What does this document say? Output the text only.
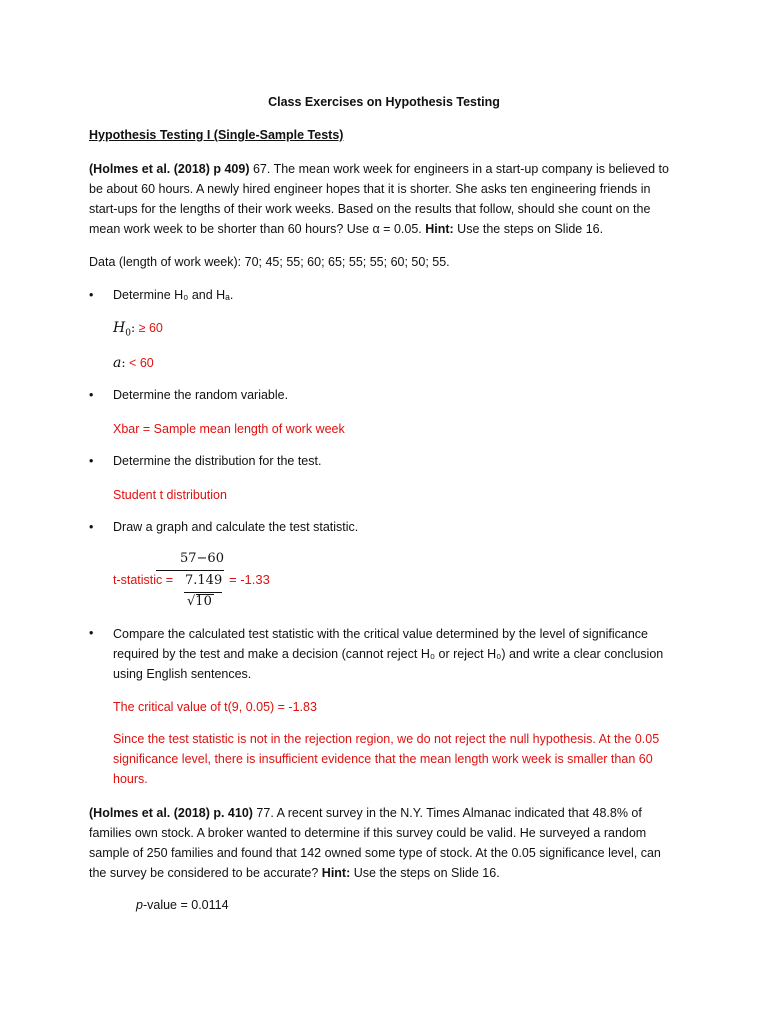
Class Exercises on Hypothesis Testing
Hypothesis Testing I (Single-Sample Tests)
(Holmes et al. (2018) p 409) 67. The mean work week for engineers in a start-up company is believed to be about 60 hours. A newly hired engineer hopes that it is shorter. She asks ten engineering friends in start-ups for the lengths of their work weeks. Based on the results that follow, should she count on the mean work week to be shorter than 60 hours? Use α = 0.05. Hint: Use the steps on Slide 16.
Data (length of work week): 70; 45; 55; 60; 65; 55; 55; 60; 50; 55.
• Determine H₀ and Hₐ.
$H_0$: ≥ 60
a: < 60
• Determine the random variable.
Xbar = Sample mean length of work week
• Determine the distribution for the test.
Student t distribution
• Draw a graph and calculate the test statistic.
t-statistic =
57−60
7.149
√10
= -1.33
• Compare the calculated test statistic with the critical value determined by the level of significance required by the test and make a decision (cannot reject H₀ or reject H₀) and write a clear conclusion using English sentences.
The critical value of t(9, 0.05) = -1.83
Since the test statistic is not in the rejection region, we do not reject the null hypothesis. At the 0.05 significance level, there is insufficient evidence that the mean length work week is smaller than 60 hours.
(Holmes et al. (2018) p. 410) 77. A recent survey in the N.Y. Times Almanac indicated that 48.8% of families own stock. A broker wanted to determine if this survey could be valid. He surveyed a random sample of 250 families and found that 142 owned some type of stock. At the 0.05 significance level, can the survey be considered to be accurate? Hint: Use the steps on Slide 16.
p-value = 0.0114
